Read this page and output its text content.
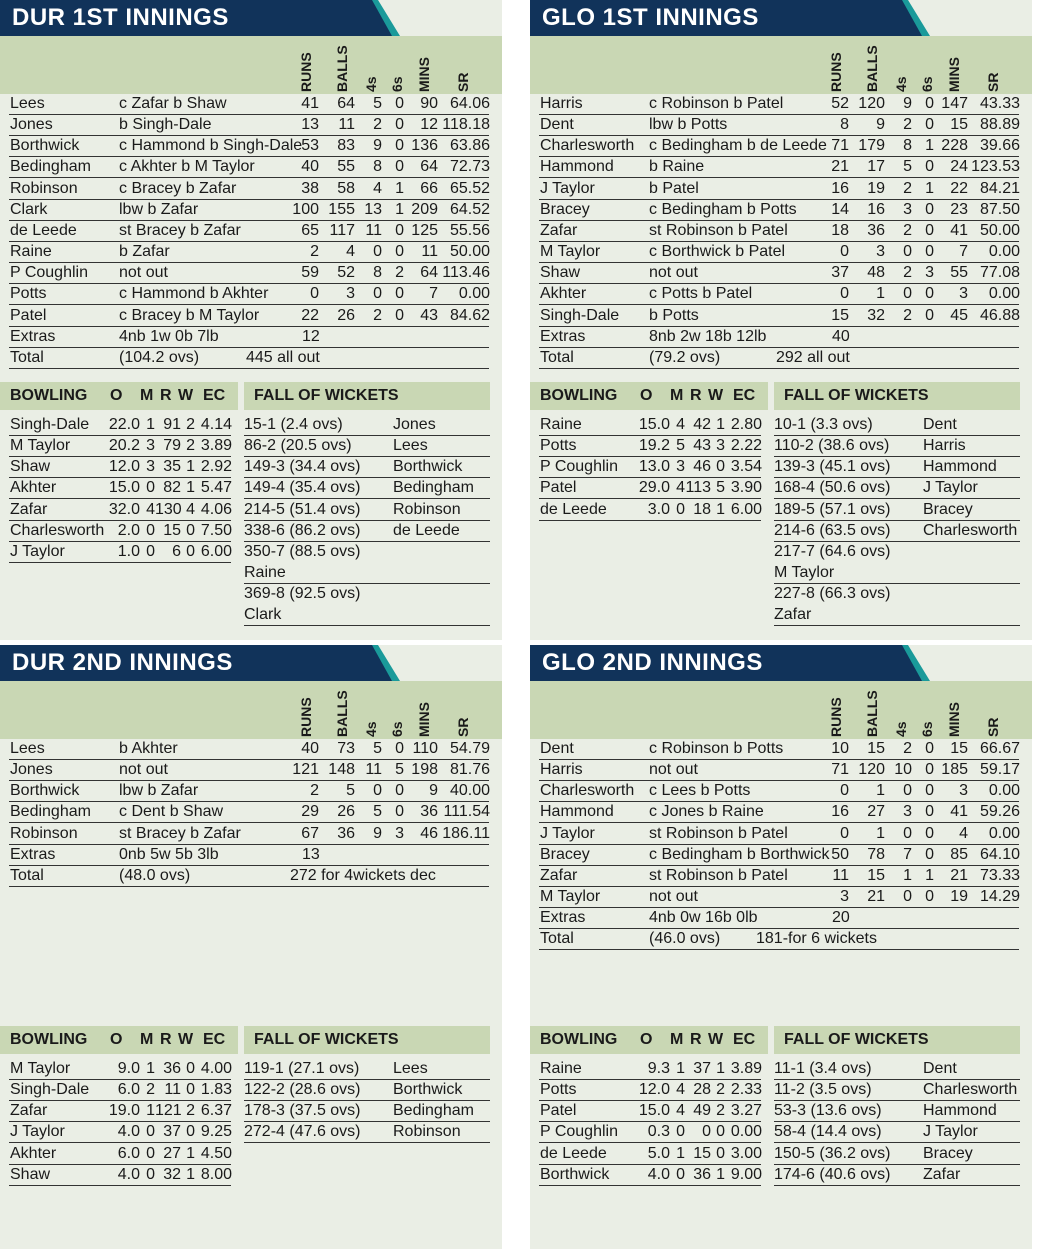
DUR 1ST INNINGS
RUNS BALLS 4s 6s MINS SR
Lees	c Zafar b Shaw	41	64	5 0	90 64.06
Jones	b Singh-Dale	13	11	2 0	12 118.18
Borthwick	c Hammond b Singh-Dale 53	83	9 0 136 63.86
Bedingham	c Akhter b M Taylor	40	55	8 0	64 72.73
Robinson	c Bracey b Zafar	38	58	4 1	66 65.52
Clark	lbw b Zafar	100 155 13 1 209 64.52
de Leede	st Bracey b Zafar	65 117 11 0 125 55.56
Raine	b Zafar	2	4	0 0	11 50.00
P Coughlin	not out	59	52	8 2	64 113.46
Potts	c Hammond b Akhter	0	3	0 0	7	0.00
Patel	c Bracey b M Taylor	22	26	2 0	43 84.62
Extras	4nb 1w 0b 7lb	12
Total	(104.2 ovs)	445 all out
BOWLING	O M R W EC	FALL OF WICKETS
Singh-Dale	22.0 1 91 2 4.14
M Taylor	20.2 3 79 2 3.89
Shaw	12.0 3 35 1 2.92
Akhter	15.0 0 82 1 5.47
Zafar	32.0 4 130 4 4.06
Charlesworth 2.0 0 15 0 7.50
J Taylor	1.0 0	6 0 6.00
15-1 (2.4 ovs)	Jones
86-2 (20.5 ovs)	Lees
149-3 (34.4 ovs)	Borthwick
149-4 (35.4 ovs)	Bedingham
214-5 (51.4 ovs)	Robinson
338-6 (86.2 ovs)	de Leede
350-7 (88.5 ovs)
Raine
369-8 (92.5 ovs)
Clark
GLO 1ST INNINGS
RUNS BALLS 4s 6s MINS SR
Harris	c Robinson b Patel	52 120	9 0 147 43.33
Dent	lbw b Potts	8	9	2 0	15 88.89
Charlesworth c Bedingham b de Leede 71 179	8 1 228 39.66
Hammond	b Raine	21	17	5 0	24 123.53
J Taylor	b Patel	16	19	2 1	22 84.21
Bracey	c Bedingham b Potts	14	16	3 0	23 87.50
Zafar	st Robinson b Patel	18	36	2 0	41 50.00
M Taylor	c Borthwick b Patel	0	3	0 0	7	0.00
Shaw	not out	37	48	2 3	55 77.08
Akhter	c Potts b Patel	0	1	0 0	3	0.00
Singh-Dale	b Potts	15	32	2 0	45 46.88
Extras	8nb 2w 18b 12lb	40
Total	(79.2 ovs)	292 all out
BOWLING	O M R W EC	FALL OF WICKETS
Raine	15.0 4 42 1 2.80
Potts	19.2 5 43 3 2.22
P Coughlin	13.0 3 46 0 3.54
Patel	29.0 4 113 5 3.90
de Leede	3.0 0 18 1 6.00
10-1 (3.3 ovs)	Dent
110-2 (38.6 ovs)	Harris
139-3 (45.1 ovs)	Hammond
168-4 (50.6 ovs)	J Taylor
189-5 (57.1 ovs)	Bracey
214-6 (63.5 ovs)	Charlesworth
217-7 (64.6 ovs)
M Taylor
227-8 (66.3 ovs)
Zafar
DUR 2ND INNINGS
RUNS BALLS 4s 6s MINS SR
Lees	b Akhter	40	73	5 0 110 54.79
Jones	not out	121 148 11 5 198 81.76
Borthwick	lbw b Zafar	2	5	0 0	9 40.00
Bedingham	c Dent b Shaw	29	26	5 0	36 111.54
Robinson	st Bracey b Zafar	67	36	9 3	46 186.11
Extras	0nb 5w 5b 3lb	13
Total	(48.0 ovs)	272 for 4wickets dec
BOWLING	O M R W EC	FALL OF WICKETS
M Taylor	9.0 1 36 0 4.00
Singh-Dale	6.0 2 11 0 1.83
Zafar	19.0 1 121 2 6.37
J Taylor	4.0 0 37 0 9.25
Akhter	6.0 0 27 1 4.50
Shaw	4.0 0 32 1 8.00
119-1 (27.1 ovs)	Lees
122-2 (28.6 ovs)	Borthwick
178-3 (37.5 ovs)	Bedingham
272-4 (47.6 ovs)	Robinson
GLO 2ND INNINGS
RUNS BALLS 4s 6s MINS SR
Dent	c Robinson b Potts	10	15	2 0	15 66.67
Harris	not out	71 120 10 0 185 59.17
Charlesworth c Lees b Potts	0	1	0 0	3	0.00
Hammond	c Jones b Raine	16	27	3 0	41 59.26
J Taylor	st Robinson b Patel	0	1	0 0	4	0.00
Bracey	c Bedingham b Borthwick 50	78	7 0	85 64.10
Zafar	st Robinson b Patel	11	15	1 1	21 73.33
M Taylor	not out	3	21	0 0	19 14.29
Extras	4nb 0w 16b 0lb	20
Total	(46.0 ovs)	181-for 6 wickets
BOWLING	O M R W EC	FALL OF WICKETS
Raine	9.3 1 37 1 3.89
Potts	12.0 4 28 2 2.33
Patel	15.0 4 49 2 3.27
P Coughlin	0.3 0	0 0 0.00
de Leede	5.0 1 15 0 3.00
Borthwick	4.0 0 36 1 9.00
11-1 (3.4 ovs)	Dent
11-2 (3.5 ovs)	Charlesworth
53-3 (13.6 ovs)	Hammond
58-4 (14.4 ovs)	J Taylor
150-5 (36.2 ovs)	Bracey
174-6 (40.6 ovs)	Zafar
